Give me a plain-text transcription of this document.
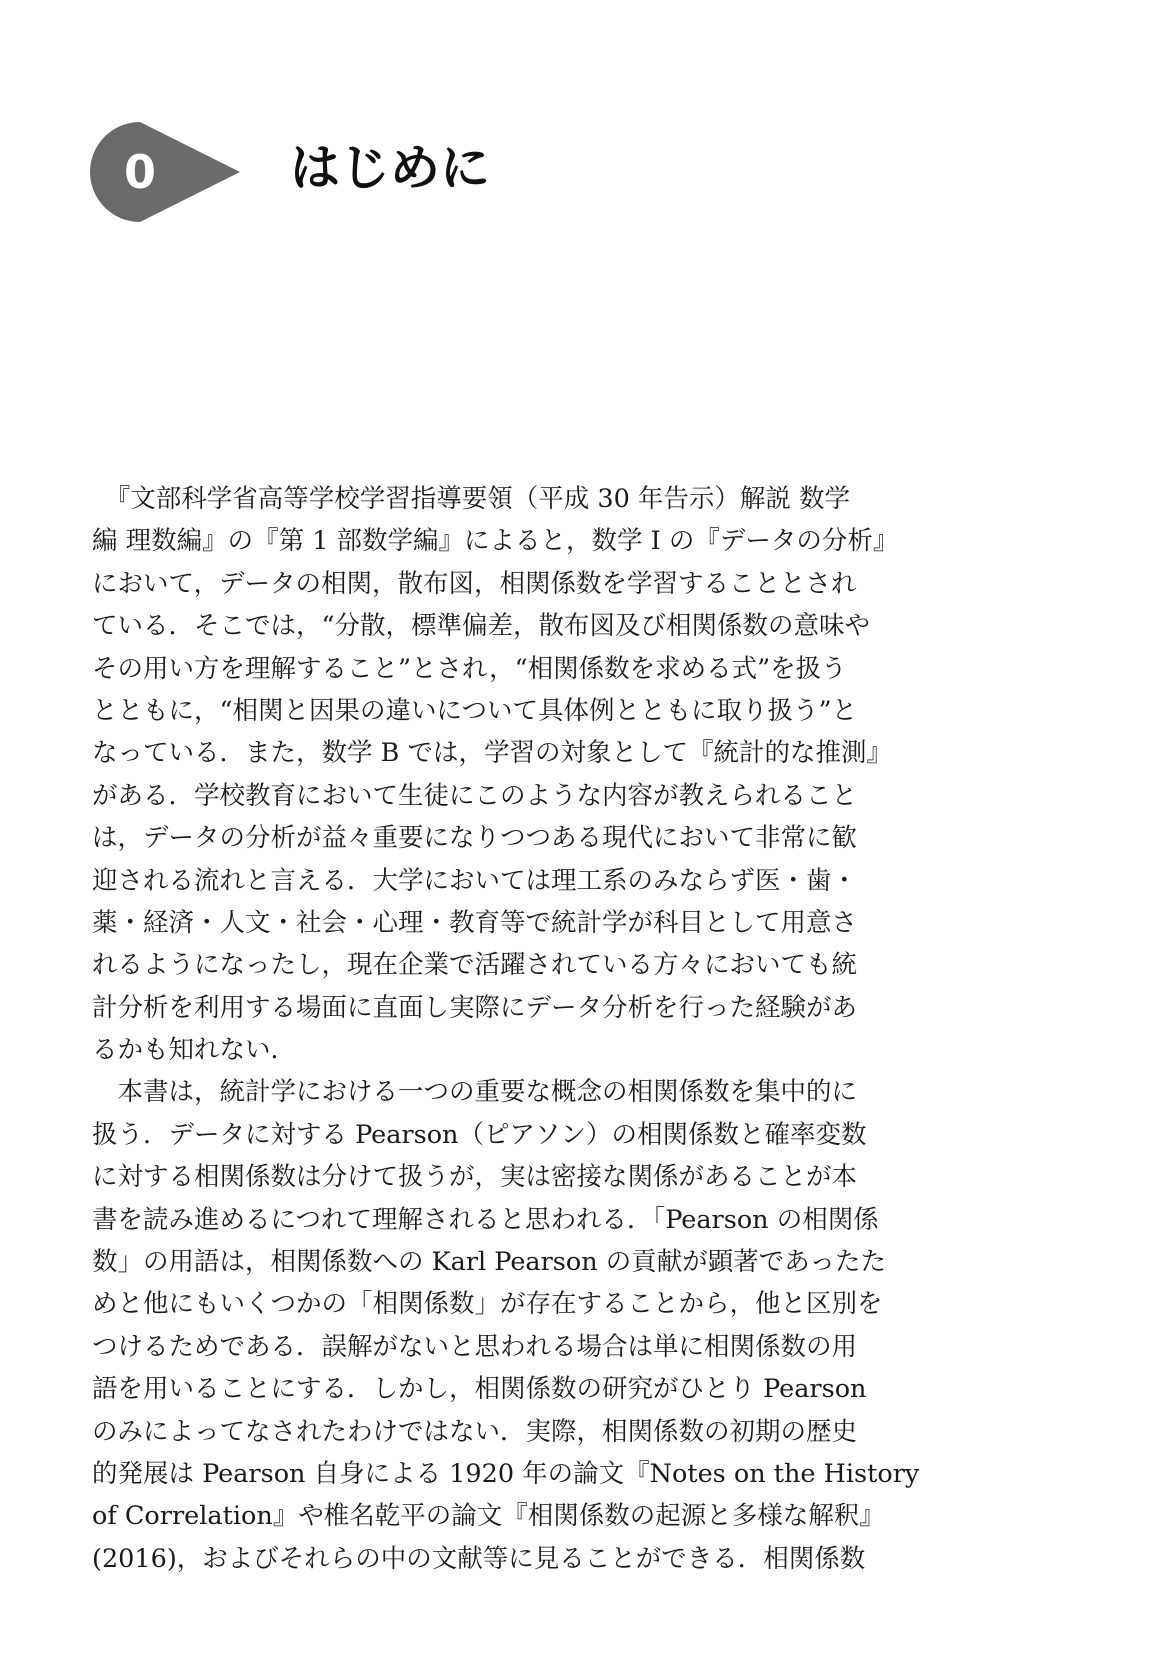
0	はじめに
　『文部科学省高等学校学習指導要領（平成 30 年告示）解説 数学
編 理数編』の『第 1 部数学編』によると，数学 I の『データの分析』
において，データの相関，散布図，相関係数を学習することとされ
ている．そこでは，“分散，標準偏差，散布図及び相関係数の意味や
その用い方を理解すること”とされ，“相関係数を求める式”を扱う
とともに，“相関と因果の違いについて具体例とともに取り扱う”と
なっている．また，数学 B では，学習の対象として『統計的な推測』
がある．学校教育において生徒にこのような内容が教えられること
は，データの分析が益々重要になりつつある現代において非常に歓
迎される流れと言える．大学においては理工系のみならず医・歯・
薬・経済・人文・社会・心理・教育等で統計学が科目として用意さ
れるようになったし，現在企業で活躍されている方々においても統
計分析を利用する場面に直面し実際にデータ分析を行った経験があ
るかも知れない．
　本書は，統計学における一つの重要な概念の相関係数を集中的に
扱う．データに対する Pearson（ピアソン）の相関係数と確率変数
に対する相関係数は分けて扱うが，実は密接な関係があることが本
書を読み進めるにつれて理解されると思われる．「Pearson の相関係
数」の用語は，相関係数への Karl Pearson の貢献が顕著であったた
めと他にもいくつかの「相関係数」が存在することから，他と区別を
つけるためである．誤解がないと思われる場合は単に相関係数の用
語を用いることにする．しかし，相関係数の研究がひとり Pearson
のみによってなされたわけではない．実際，相関係数の初期の歴史
的発展は Pearson 自身による 1920 年の論文『Notes on the History
of Correlation』や椎名乾平の論文『相関係数の起源と多様な解釈』
(2016)，およびそれらの中の文献等に見ることができる．相関係数
